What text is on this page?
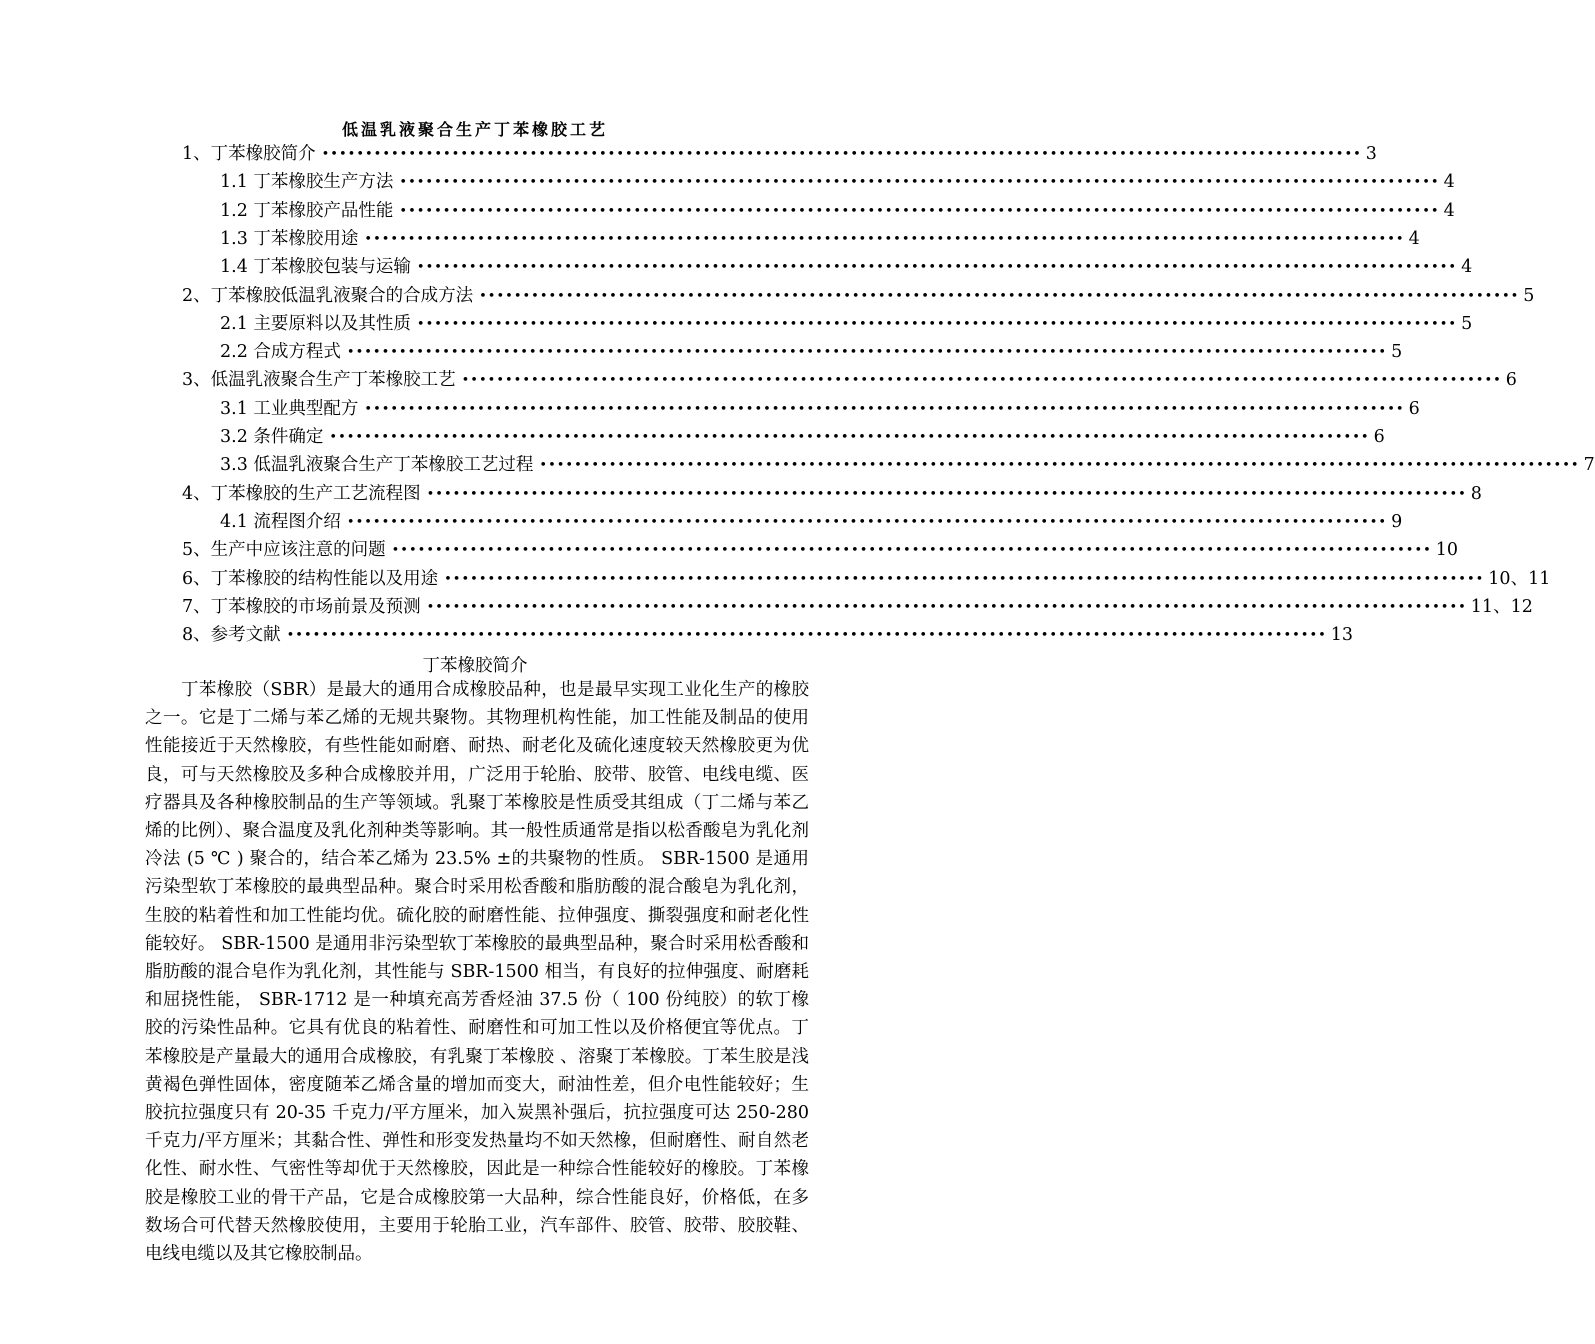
低温乳液聚合生产丁苯橡胶工艺
1、丁苯橡胶简介 •••••••••••••••••••••••••••••••••••••••••••••••••••••••••••••••••••••••••••••••••••••••••••••••••••••••••••••••••••••••• 3
1.1 丁苯橡胶生产方法 •••••••••••••••••••••••••••••••••••••••••••••••••••••••••••••••••••••••••••••••••••••••••••••••••••••••••••••••••••••••• 4
1.2 丁苯橡胶产品性能 •••••••••••••••••••••••••••••••••••••••••••••••••••••••••••••••••••••••••••••••••••••••••••••••••••••••••••••••••••••••• 4
1.3 丁苯橡胶用途 •••••••••••••••••••••••••••••••••••••••••••••••••••••••••••••••••••••••••••••••••••••••••••••••••••••••••••••••••••••••• 4
1.4 丁苯橡胶包装与运输 •••••••••••••••••••••••••••••••••••••••••••••••••••••••••••••••••••••••••••••••••••••••••••••••••••••••••••••••••••••••• 4
2、丁苯橡胶低温乳液聚合的合成方法 •••••••••••••••••••••••••••••••••••••••••••••••••••••••••••••••••••••••••••••••••••••••••••••••••••••••••••••••••••••••• 5
2.1 主要原料以及其性质 •••••••••••••••••••••••••••••••••••••••••••••••••••••••••••••••••••••••••••••••••••••••••••••••••••••••••••••••••••••••• 5
2.2 合成方程式 •••••••••••••••••••••••••••••••••••••••••••••••••••••••••••••••••••••••••••••••••••••••••••••••••••••••••••••••••••••••• 5
3、低温乳液聚合生产丁苯橡胶工艺 •••••••••••••••••••••••••••••••••••••••••••••••••••••••••••••••••••••••••••••••••••••••••••••••••••••••••••••••••••••••• 6
3.1 工业典型配方 •••••••••••••••••••••••••••••••••••••••••••••••••••••••••••••••••••••••••••••••••••••••••••••••••••••••••••••••••••••••• 6
3.2 条件确定 •••••••••••••••••••••••••••••••••••••••••••••••••••••••••••••••••••••••••••••••••••••••••••••••••••••••••••••••••••••••• 6
3.3 低温乳液聚合生产丁苯橡胶工艺过程 •••••••••••••••••••••••••••••••••••••••••••••••••••••••••••••••••••••••••••••••••••••••••••••••••••••••••••••••••••••••• 7
4、丁苯橡胶的生产工艺流程图 •••••••••••••••••••••••••••••••••••••••••••••••••••••••••••••••••••••••••••••••••••••••••••••••••••••••••••••••••••••••• 8
4.1 流程图介绍 •••••••••••••••••••••••••••••••••••••••••••••••••••••••••••••••••••••••••••••••••••••••••••••••••••••••••••••••••••••••• 9
5、生产中应该注意的问题 •••••••••••••••••••••••••••••••••••••••••••••••••••••••••••••••••••••••••••••••••••••••••••••••••••••••••••••••••••••••• 10
6、丁苯橡胶的结构性能以及用途 •••••••••••••••••••••••••••••••••••••••••••••••••••••••••••••••••••••••••••••••••••••••••••••••••••••••••••••••••••••••• 10、11
7、丁苯橡胶的市场前景及预测 •••••••••••••••••••••••••••••••••••••••••••••••••••••••••••••••••••••••••••••••••••••••••••••••••••••••••••••••••••••••• 11、12
8、参考文献 •••••••••••••••••••••••••••••••••••••••••••••••••••••••••••••••••••••••••••••••••••••••••••••••••••••••••••••••••••••••• 13
丁苯橡胶简介

丁苯橡胶（SBR）是最大的通用合成橡胶品种，也是最早实现工业化生产的橡胶之一。它是丁二烯与苯乙烯的无规共聚物。其物理机构性能，加工性能及制品的使用性能接近于天然橡胶，有些性能如耐磨、耐热、耐老化及硫化速度较天然橡胶更为优良，可与天然橡胶及多种合成橡胶并用，广泛用于轮胎、胶带、胶管、电线电缆、医疗器具及各种橡胶制品的生产等领域。乳聚丁苯橡胶是性质受其组成（丁二烯与苯乙烯的比例）、聚合温度及乳化剂种类等影响。其一般性质通常是指以松香酸皂为乳化剂冷法 (5 ℃ ) 聚合的，结合苯乙烯为 23.5% ±的共聚物的性质。 SBR-1500 是通用污染型软丁苯橡胶的最典型品种。聚合时采用松香酸和脂肪酸的混合酸皂为乳化剂，生胶的粘着性和加工性能均优。硫化胶的耐磨性能、拉伸强度、撕裂强度和耐老化性能较好。 SBR-1500 是通用非污染型软丁苯橡胶的最典型品种，聚合时采用松香酸和脂肪酸的混合皂作为乳化剂，其性能与 SBR-1500 相当，有良好的拉伸强度、耐磨耗和屈挠性能， SBR-1712 是一种填充高芳香烃油 37.5 份（ 100 份纯胶）的软丁橡胶的污染性品种。它具有优良的粘着性、耐磨性和可加工性以及价格便宜等优点。丁苯橡胶是产量最大的通用合成橡胶，有乳聚丁苯橡胶 、溶聚丁苯橡胶。丁苯生胶是浅黄褐色弹性固体，密度随苯乙烯含量的增加而变大，耐油性差，但介电性能较好；生胶抗拉强度只有 20-35 千克力/平方厘米，加入炭黑补强后，抗拉强度可达 250-280 千克力/平方厘米；其黏合性、弹性和形变发热量均不如天然橡，但耐磨性、耐自然老化性、耐水性、气密性等却优于天然橡胶，因此是一种综合性能较好的橡胶。丁苯橡胶是橡胶工业的骨干产品，它是合成橡胶第一大品种，综合性能良好，价格低，在多数场合可代替天然橡胶使用，主要用于轮胎工业，汽车部件、胶管、胶带、胶胶鞋、电线电缆以及其它橡胶制品。
